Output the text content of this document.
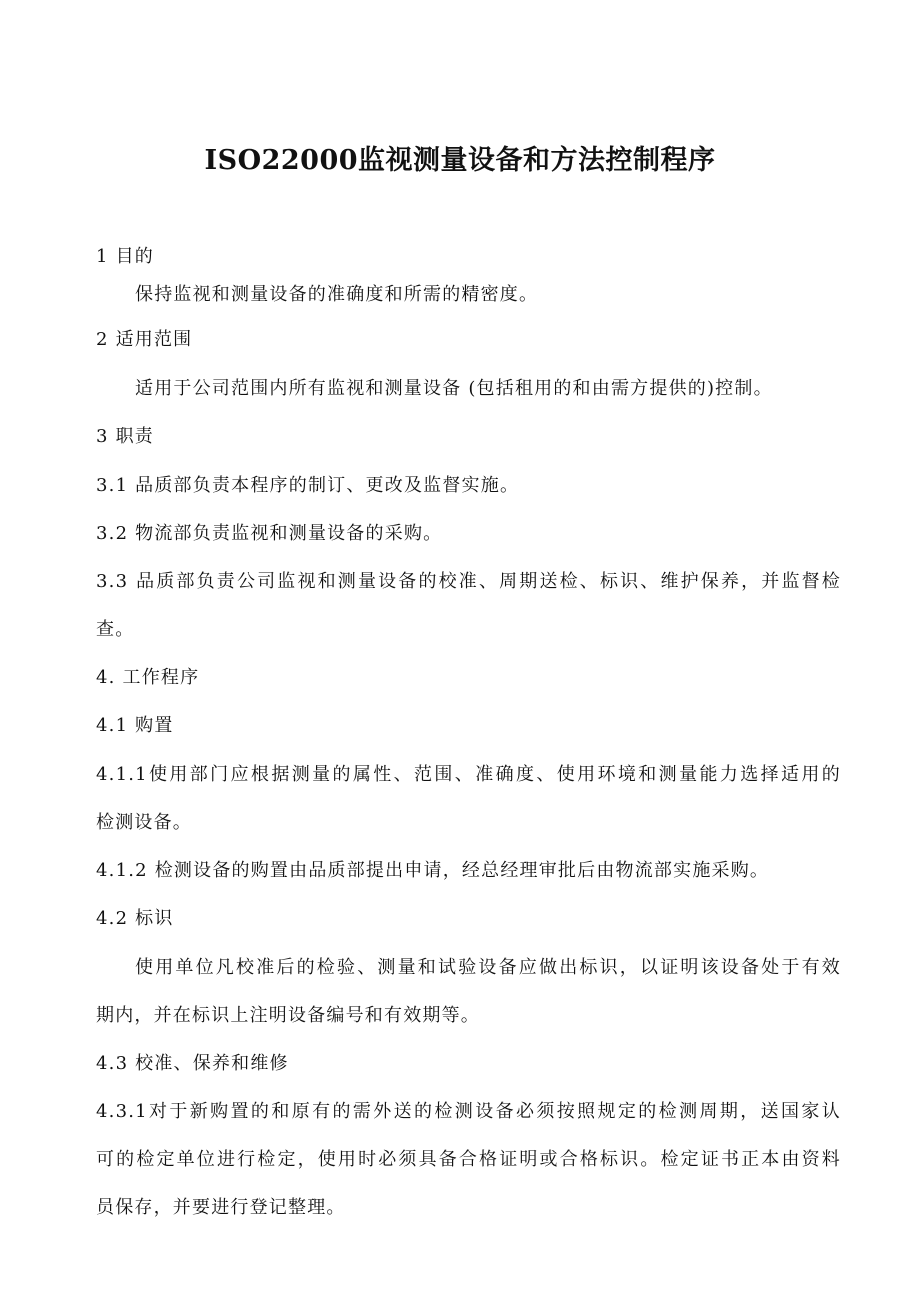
ISO22000监视测量设备和方法控制程序
1 目的
保持监视和测量设备的准确度和所需的精密度。
2 适用范围
适用于公司范围内所有监视和测量设备 (包括租用的和由需方提供的)控制。
3 职责
3.1 品质部负责本程序的制订、更改及监督实施。
3.2 物流部负责监视和测量设备的采购。
3.3 品质部负责公司监视和测量设备的校准、周期送检、标识、维护保养，并监督检
查。
4. 工作程序
4.1 购置
4.1.1使用部门应根据测量的属性、范围、准确度、使用环境和测量能力选择适用的
检测设备。
4.1.2 检测设备的购置由品质部提出申请，经总经理审批后由物流部实施采购。
4.2 标识
使用单位凡校准后的检验、测量和试验设备应做出标识，以证明该设备处于有效
期内，并在标识上注明设备编号和有效期等。
4.3 校准、保养和维修
4.3.1对于新购置的和原有的需外送的检测设备必须按照规定的检测周期，送国家认
可的检定单位进行检定，使用时必须具备合格证明或合格标识。检定证书正本由资料
员保存，并要进行登记整理。
